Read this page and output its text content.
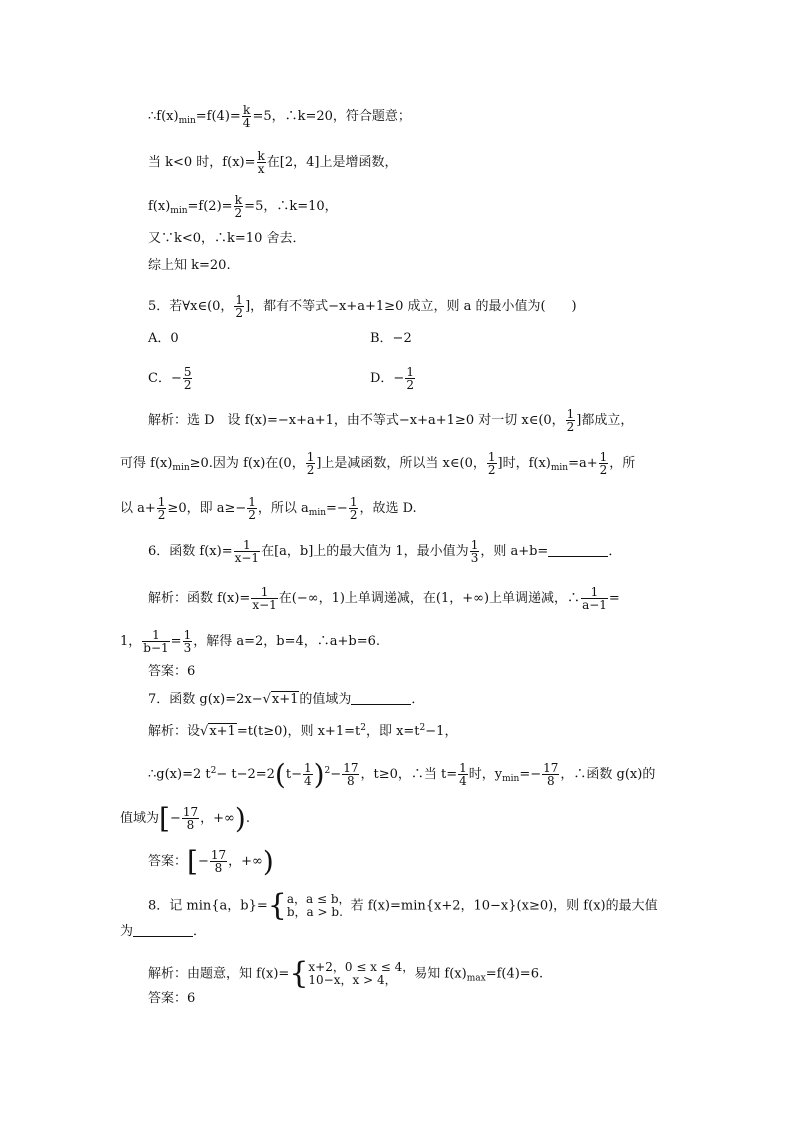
$\therefore f(x)_{min}=f(4)= \frac{k}{4} =5$，∴k=20，符合题意；
当 k<0 时，$f(x)= \frac{k}{x}$ 在[2，4]上是增函数，
$f(x)_{min}=f(2)= \frac{k}{2} =5$，∴k=10，
又∵k<0，∴k=10 舍去．
综上知 k=20.
5．若∀x∈(0， $\frac{1}{2}$ ]，都有不等式−x+a+1≥0 成立，则 a 的最小值为(　　)
A．0	B．−2
C．− $\frac{5}{2}$	D．− $\frac{1}{2}$
解析：选 D　设 f(x)=−x+a+1，由不等式−x+a+1≥0 对一切 x∈(0， $\frac{1}{2}$ ]都成立，
可得 $f(x)_{min}\ge 0$.因为 f(x)在(0， $\frac{1}{2}$ ]上是减函数，所以当 x∈(0， $\frac{1}{2}$ ]时，$f(x)_{min}=a+ \frac{1}{2}$ ，所
以 $a+ \frac{1}{2} \ge 0$，即 $a\ge- \frac{1}{2}$ ，所以 $a_{min}=- \frac{1}{2}$ ，故选 D.
6．函数 $f(x)= \frac{1}{x-1}$ 在[a，b]上的最大值为 1，最小值为 $\frac{1}{3}$ ，则 a+b=	．
解析：函数 $f(x)= \frac{1}{x-1}$ 在(−∞，1)上单调递减，在(1，+∞)上单调递减，∴ $\frac{1}{a-1}$ =
1， $\frac{1}{b-1} = \frac{1}{3}$ ，解得 a=2，b=4，∴a+b=6.
答案：6
7．函数 g(x)=2x−√x+1的值域为	．
解析：设√x+1=t(t≥0)，则 $x+1=t^2$，即 $x=t^2-1$，
∴g(x)=2 $t^2- t-2=2(t- \frac{1}{4} )^2- \frac{17}{8}$ ，t≥0，∴当 $t= \frac{1}{4}$ 时，$y_{min}=- \frac{17}{8}$ ，∴函数 g(x)的
值域为[− $\frac{17}{8}$ ，+∞).
答案：[− $\frac{17}{8}$ ，+∞)
8．记 min{a，b}={ a，a ≤ b，
b，a > b. 若 f(x)=min{x+2，10−x}(x≥0)，则 f(x)的最大值
为	．
解析：由题意，知 f(x)={ x+2，0 ≤ x ≤ 4，
10−x，x > 4，	易知 $f(x)_{max}=f(4)=6$.
答案：6
